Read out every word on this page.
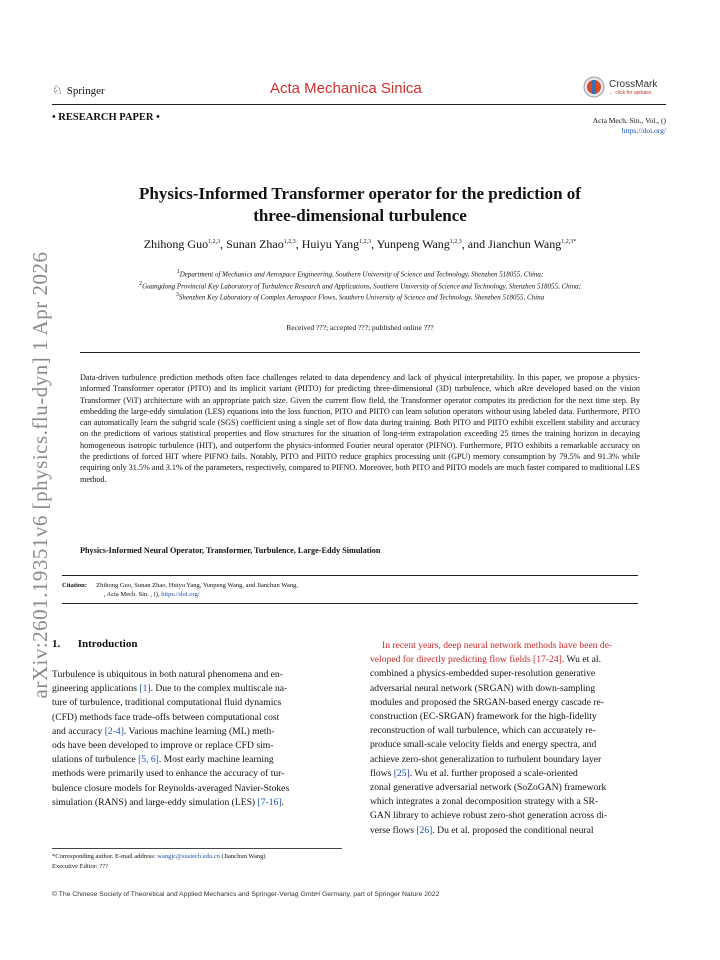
arXiv:2601.19351v6 [physics.flu-dyn] 1 Apr 2026
♘ Springer	Acta Mechanica Sinica	CrossMark
← click for updates
• RESEARCH PAPER •	Acta Mech. Sin., Vol., ()
https://doi.org/
Physics-Informed Transformer operator for the prediction of
three-dimensional turbulence
Zhihong Guo$^{1,2,3}$, Sunan Zhao$^{1,2,3}$, Huiyu Yang$^{1,2,3}$, Yunpeng Wang$^{1,2,3}$, and Jianchun Wang$^{1,2,3*}$
$^1$Department of Mechanics and Aerospace Engineering, Southern University of Science and Technology, Shenzhen 518055, China;
$^2$Guangdong Provincial Key Laboratory of Turbulence Research and Applications, Southern University of Science and Technology, Shenzhen 518055, China;
$^3$Shenzhen Key Laboratory of Complex Aerospace Flows, Southern University of Science and Technology, Shenzhen 518055, China
Received ???; accepted ???; published online ???
Data-driven turbulence prediction methods often face challenges related to data dependency and lack of physical interpretability. In this paper, we propose a physics-informed Transformer operator (PITO) and its implicit variant (PIITO) for predicting three-dimensional (3D) turbulence, which aRre developed based on the vision Transformer (ViT) architecture with an appropriate patch size. Given the current flow field, the Transformer operator computes its prediction for the next time step. By embedding the large-eddy simulation (LES) equations into the loss function, PITO and PIITO can learn solution operators without using labeled data. Furthermore, PITO can automatically learn the subgrid scale (SGS) coefficient using a single set of flow data during training. Both PITO and PIITO exhibit excellent stability and accuracy on the predictions of various statistical properties and flow structures for the situation of long-term extrapolation exceeding 25 times the training horizon in decaying homogeneous isotropic turbulence (HIT), and outperform the physics-informed Fourier neural operator (PIFNO). Furthermore, PITO exhibits a remarkable accuracy on the predictions of forced HIT where PIFNO fails. Notably, PITO and PIITO reduce graphics processing unit (GPU) memory consumption by 79.5% and 91.3% while requiring only 31.5% and 3.1% of the parameters, respectively, compared to PIFNO. Moreover, both PITO and PIITO models are much faster compared to traditional LES method.
Physics-Informed Neural Operator, Transformer, Turbulence, Large-Eddy Simulation
Citation: Zhihong Guo, Sunan Zhao, Huiyu Yang, Yunpeng Wang, and Jianchun Wang,
, Acta Mech. Sin. , (), https://doi.org/
1. Introduction
Turbulence is ubiquitous in both natural phenomena and en-
gineering applications [1]. Due to the complex multiscale na-
ture of turbulence, traditional computational fluid dynamics
(CFD) methods face trade-offs between computational cost
and accuracy [2-4]. Various machine learning (ML) meth-
ods have been developed to improve or replace CFD sim-
ulations of turbulence [5, 6]. Most early machine learning
methods were primarily used to enhance the accuracy of tur-
bulence closure models for Reynolds-averaged Navier-Stokes
simulation (RANS) and large-eddy simulation (LES) [7-16].
In recent years, deep neural network methods have been de-
veloped for directly predicting flow fields [17-24]. Wu et al.
combined a physics-embedded super-resolution generative
adversarial neural network (SRGAN) with down-sampling
modules and proposed the SRGAN-based energy cascade re-
construction (EC-SRGAN) framework for the high-fidelity
reconstruction of wall turbulence, which can accurately re-
produce small-scale velocity fields and energy spectra, and
achieve zero-shot generalization to turbulent boundary layer
flows [25]. Wu et al. further proposed a scale-oriented
zonal generative adversarial network (SoZoGAN) framework
which integrates a zonal decomposition strategy with a SR-
GAN library to achieve robust zero-shot generation across di-
verse flows [26]. Du et al. proposed the conditional neural
*Corresponding author. E-mail address: wangjc@sustech.edu.cn (Jianchun Wang)
Executive Editor: ???
© The Chinese Society of Theoretical and Applied Mechanics and Springer-Verlag GmbH Germany, part of Springer Nature 2022
